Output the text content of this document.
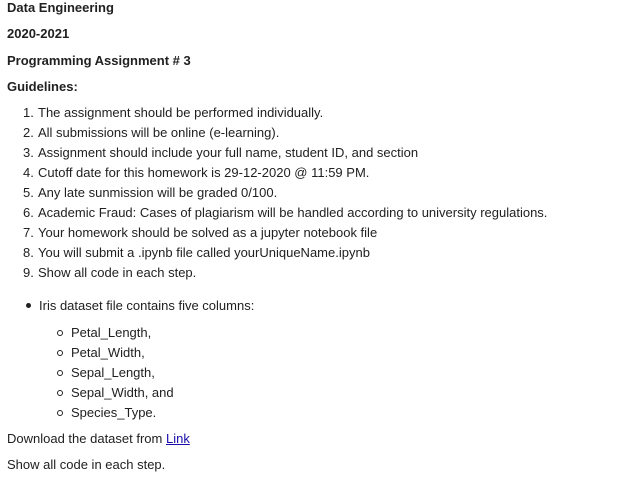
Data Engineering
2020-2021
Programming Assignment # 3
Guidelines:
1. The assignment should be performed individually.
2. All submissions will be online (e-learning).
3. Assignment should include your full name, student ID, and section
4. Cutoff date for this homework is 29-12-2020 @ 11:59 PM.
5. Any late sunmission will be graded 0/100.
6. Academic Fraud: Cases of plagiarism will be handled according to university regulations.
7. Your homework should be solved as a jupyter notebook file
8. You will submit a .ipynb file called yourUniqueName.ipynb
9. Show all code in each step.
Iris dataset file contains five columns:
Petal_Length,
Petal_Width,
Sepal_Length,
Sepal_Width, and
Species_Type.
Download the dataset from Link
Show all code in each step.
